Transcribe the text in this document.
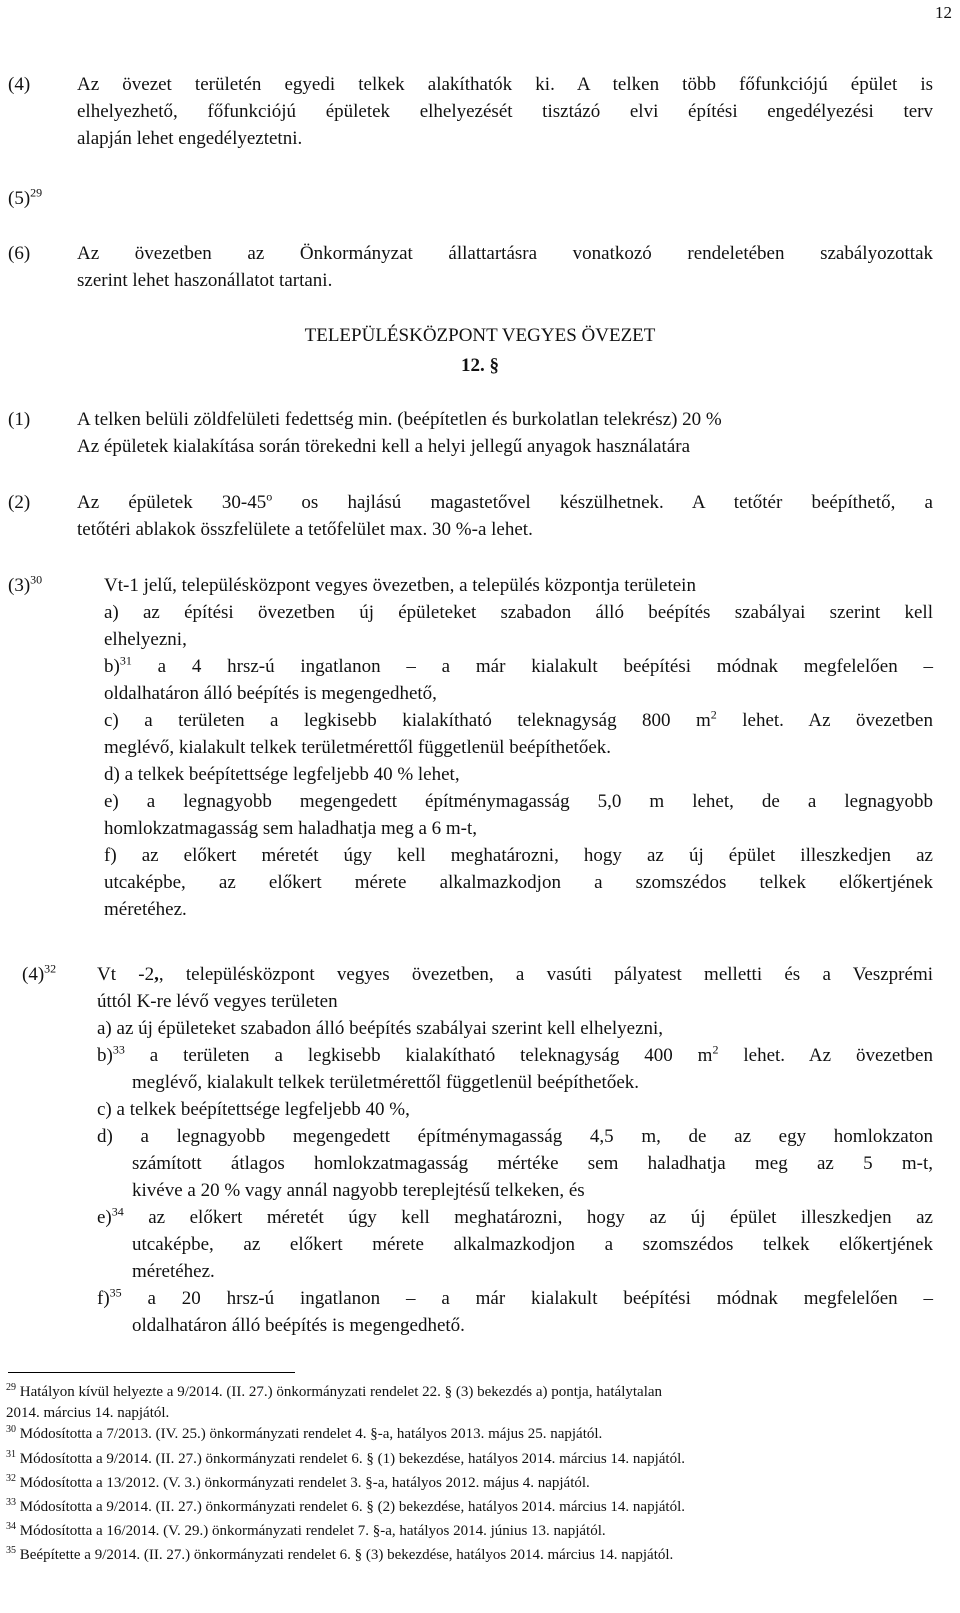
12
(4) Az övezet területén egyedi telkek alakíthatók ki. A telken több főfunkciójú épület is
elhelyezhető, főfunkciójú épületek elhelyezését tisztázó elvi építési engedélyezési terv
alapján lehet engedélyeztetni.
$(5)^{29}$
(6) Az övezetben az Önkormányzat állattartásra vonatkozó rendeletében szabályozottak
szerint lehet haszonállatot tartani.
TELEPÜLÉSKÖZPONT VEGYES ÖVEZET
12. §
(1) A telken belüli zöldfelületi fedettség min. (beépítetlen és burkolatlan telekrész) 20 %
Az épületek kialakítása során törekedni kell a helyi jellegű anyagok használatára
(2) Az épületek 30-45$^o$ os hajlású magastetővel készülhetnek. A tetőtér beépíthető, a
tetőtéri ablakok összfelülete a tetőfelület max. 30 %-a lehet.
$(3)^{30}$	Vt-1 jelű, településközpont vegyes övezetben, a település központja területein
a) az építési övezetben új épületeket szabadon álló beépítés szabályai szerint kell
elhelyezni,
b)$^{31}$ a 4 hrsz-ú ingatlanon – a már kialakult beépítési módnak megfelelően –
oldalhatáron álló beépítés is megengedhető,
c) a területen a legkisebb kialakítható teleknagyság 800 $m^2$ lehet. Az övezetben
meglévő, kialakult telkek területmérettől függetlenül beépíthetőek.
d) a telkek beépítettsége legfeljebb 40 % lehet,
e) a legnagyobb megengedett építménymagasság 5,0 m lehet, de a legnagyobb
homlokzatmagasság sem haladhatja meg a 6 m-t,
f) az előkert méretét úgy kell meghatározni, hogy az új épület illeszkedjen az
utcaképbe, az előkert mérete alkalmazkodjon a szomszédos telkek előkertjének
méretéhez.
$(4)^{32}$ Vt -2,, településközpont vegyes övezetben, a vasúti pályatest melletti és a Veszprémi
úttól K-re lévő vegyes területen
a) az új épületeket szabadon álló beépítés szabályai szerint kell elhelyezni,
b)$^{33}$ a területen a legkisebb kialakítható teleknagyság 400 $m^2$ lehet. Az övezetben
meglévő, kialakult telkek területmérettől függetlenül beépíthetőek.
c) a telkek beépítettsége legfeljebb 40 %,
d) a legnagyobb megengedett építménymagasság 4,5 m, de az egy homlokzaton
számított átlagos homlokzatmagasság mértéke sem haladhatja meg az 5 m-t,
kivéve a 20 % vagy annál nagyobb tereplejtésű telkeken, és
e)$^{34}$ az előkert méretét úgy kell meghatározni, hogy az új épület illeszkedjen az
utcaképbe, az előkert mérete alkalmazkodjon a szomszédos telkek előkertjének
méretéhez.
f)$^{35}$ a 20 hrsz-ú ingatlanon – a már kialakult beépítési módnak megfelelően –
oldalhatáron álló beépítés is megengedhető.
$^{29}$ Hatályon kívül helyezte a 9/2014. (II. 27.) önkormányzati rendelet 22. § (3) bekezdés a) pontja, hatálytalan
2014. március 14. napjától.
$^{30}$ Módosította a 7/2013. (IV. 25.) önkormányzati rendelet 4. §-a, hatályos 2013. május 25. napjától.
$^{31}$ Módosította a 9/2014. (II. 27.) önkormányzati rendelet 6. § (1) bekezdése, hatályos 2014. március 14. napjától.
$^{32}$ Módosította a 13/2012. (V. 3.) önkormányzati rendelet 3. §-a, hatályos 2012. május 4. napjától.
$^{33}$ Módosította a 9/2014. (II. 27.) önkormányzati rendelet 6. § (2) bekezdése, hatályos 2014. március 14. napjától.
$^{34}$ Módosította a 16/2014. (V. 29.) önkormányzati rendelet 7. §-a, hatályos 2014. június 13. napjától.
$^{35}$ Beépítette a 9/2014. (II. 27.) önkormányzati rendelet 6. § (3) bekezdése, hatályos 2014. március 14. napjától.
